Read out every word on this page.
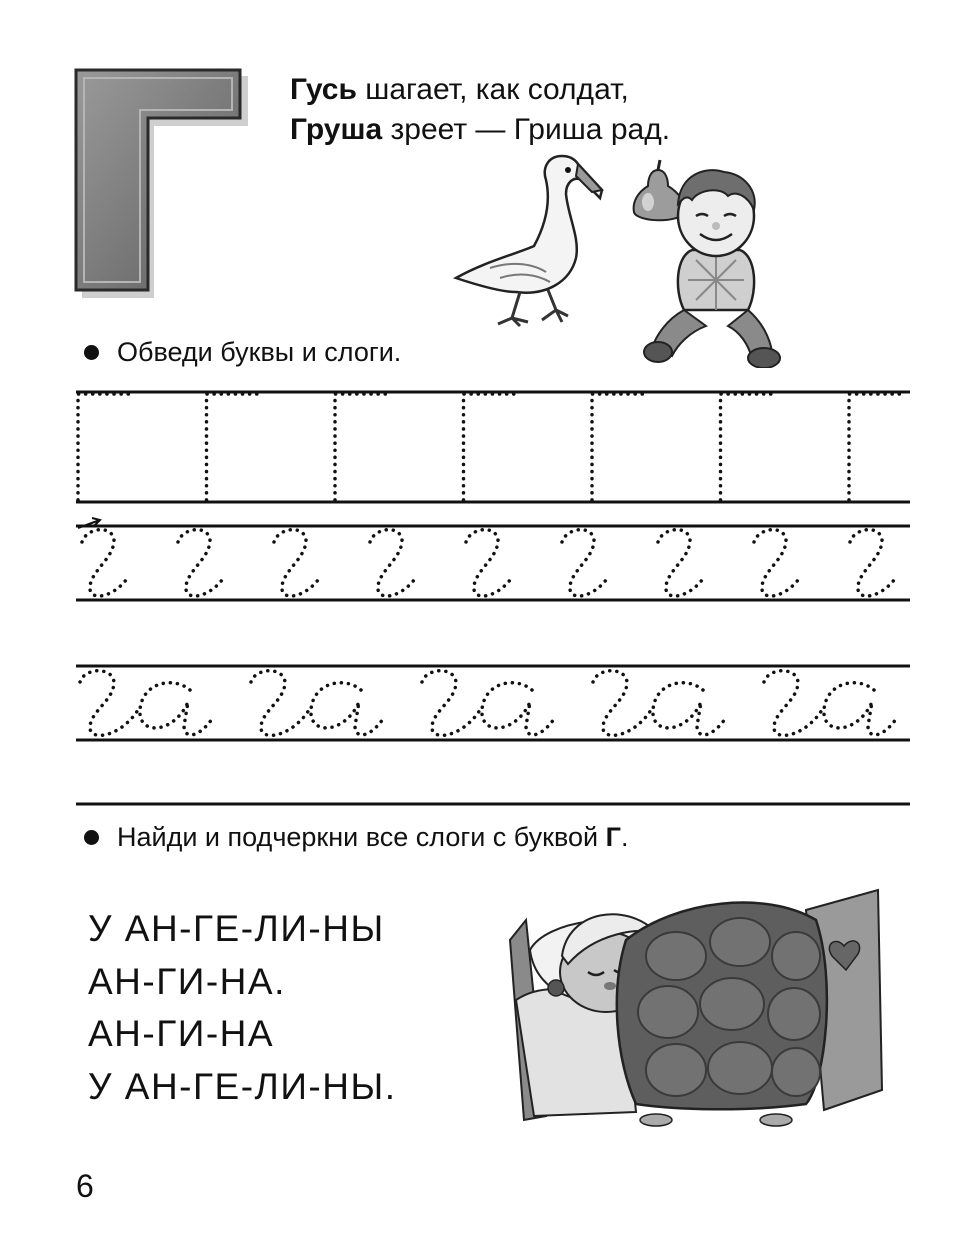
Гусь шагает, как солдат,
Груша зреет — Гриша рад.
Обведи буквы и слоги.
Найди и подчеркни все слоги с буквой Г.
У АН-ГЕ-ЛИ-НЫ
АН-ГИ-НА.
АН-ГИ-НА
У АН-ГЕ-ЛИ-НЫ.
6
